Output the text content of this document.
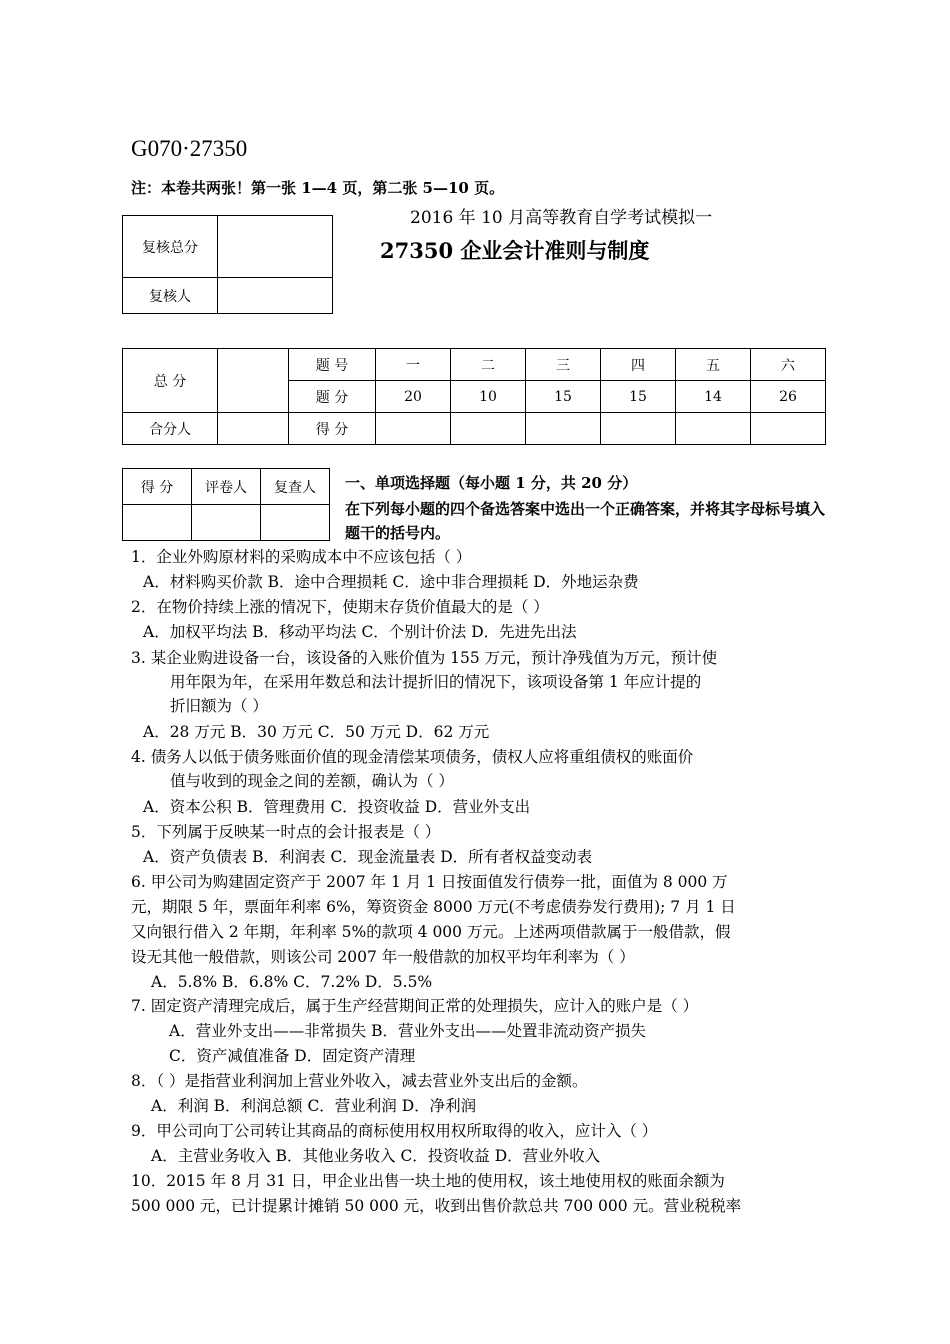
G070·27350
注：本卷共两张！第一张 1—4 页，第二张 5—10 页。
2016 年 10 月高等教育自学考试模拟一
27350 企业会计准则与制度
复核总分	
复核人	
总 分		题 号	一	二	三	四	五	六
		题 分	20	10	15	15	14	26
合分人		得 分						
得 分	评卷人	复查人
		一、单项选择题（每小题 1 分，共 20 分）
在下列每小题的四个备选答案中选出一个正确答案，并将其字母标号填入题干的括号内。
1．企业外购原材料的采购成本中不应该包括（ ）
A．材料购买价款 B．途中合理损耗 C．途中非合理损耗 D．外地运杂费
2．在物价持续上涨的情况下，使期末存货价值最大的是（ ）
A．加权平均法 B．移动平均法 C．个别计价法 D．先进先出法
3. 某企业购进设备一台，该设备的入账价值为 155 万元，预计净残值为万元，预计使
用年限为年，在采用年数总和法计提折旧的情况下，该项设备第 1 年应计提的
折旧额为（ ）
A．28 万元 B．30 万元 C．50 万元 D．62 万元
4. 债务人以低于债务账面价值的现金清偿某项债务，债权人应将重组债权的账面价
值与收到的现金之间的差额，确认为（ ）
A．资本公积 B．管理费用 C．投资收益 D．营业外支出
5．下列属于反映某一时点的会计报表是（ ）
A．资产负债表 B．利润表 C．现金流量表 D．所有者权益变动表
6. 甲公司为购建固定资产于 2007 年 1 月 1 日按面值发行债券一批，面值为 8 000 万
元，期限 5 年，票面年利率 6%，筹资资金 8000 万元(不考虑债券发行费用); 7 月 1 日
又向银行借入 2 年期，年利率 5%的款项 4 000 万元。上述两项借款属于一般借款，假
设无其他一般借款，则该公司 2007 年一般借款的加权平均年利率为（ ）
A．5.8% B．6.8% C．7.2% D．5.5%
7. 固定资产清理完成后，属于生产经营期间正常的处理损失，应计入的账户是（ ）
A．营业外支出——非常损失 B．营业外支出——处置非流动资产损失
C．资产减值准备 D．固定资产清理
8．（ ）是指营业利润加上营业外收入，减去营业外支出后的金额。
A．利润 B．利润总额 C．营业利润 D．净利润
9．甲公司向丁公司转让其商品的商标使用权用权所取得的收入，应计入（ ）
A．主营业务收入 B．其他业务收入 C．投资收益 D．营业外收入
10．2015 年 8 月 31 日，甲企业出售一块土地的使用权，该土地使用权的账面余额为
500 000 元，已计提累计摊销 50 000 元，收到出售价款总共 700 000 元。营业税税率
